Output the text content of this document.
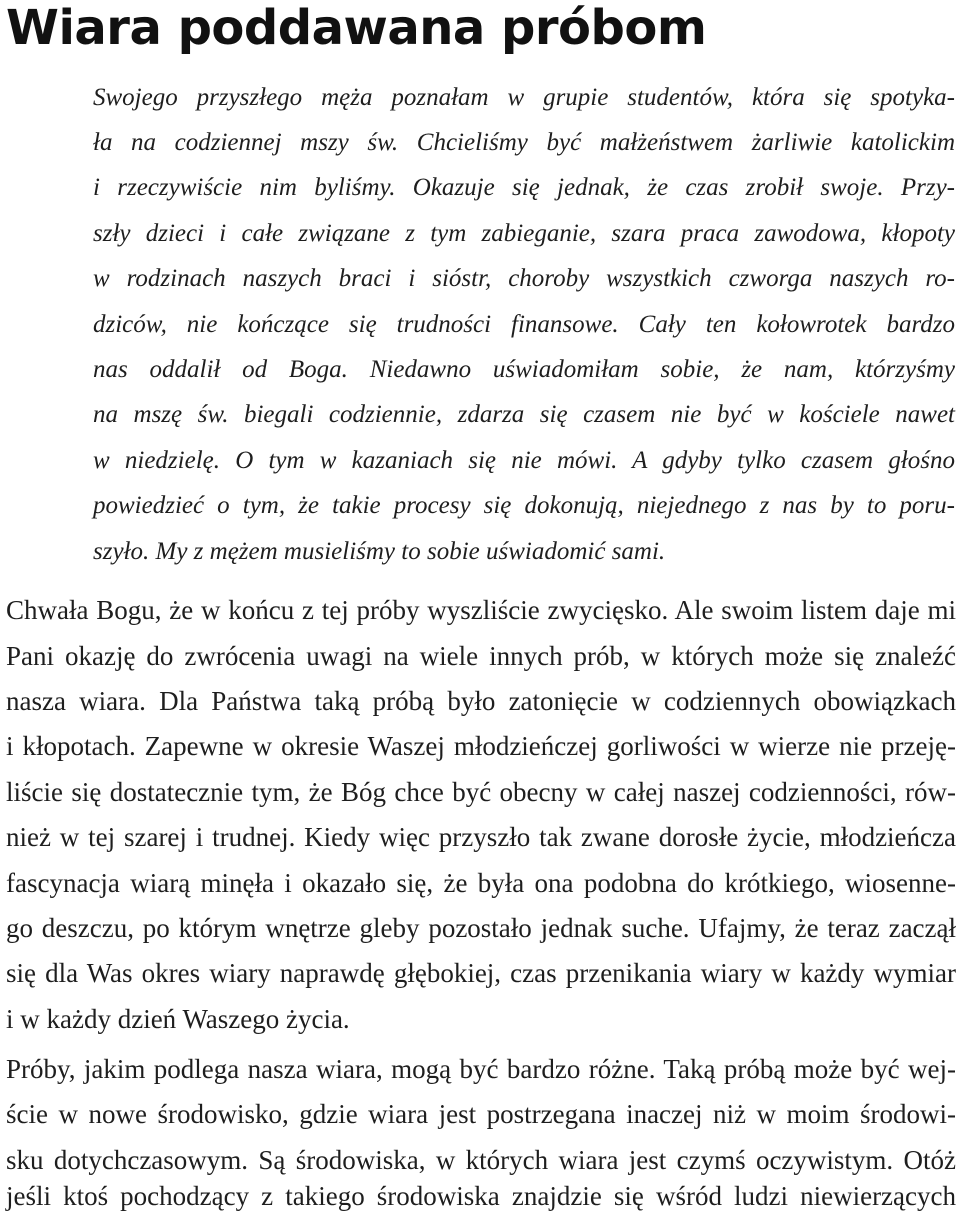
Wiara poddawana próbom

Swojego przyszłego męża poznałam w grupie studentów, która się spotyka-

ła na codziennej mszy św. Chcieliśmy być małżeństwem żarliwie katolickim

i rzeczywiście nim byliśmy. Okazuje się jednak, że czas zrobił swoje. Przy-

szły dzieci i całe związane z tym zabieganie, szara praca zawodowa, kłopoty

w rodzinach naszych braci i sióstr, choroby wszystkich czworga naszych ro-

dziców, nie kończące się trudności finansowe. Cały ten kołowrotek bardzo

nas oddalił od Boga. Niedawno uświadomiłam sobie, że nam, którzyśmy

na mszę św. biegali codziennie, zdarza się czasem nie być w kościele nawet

w niedzielę. O tym w kazaniach się nie mówi. A gdyby tylko czasem głośno

powiedzieć o tym, że takie procesy się dokonują, niejednego z nas by to poru-

szyło. My z mężem musieliśmy to sobie uświadomić sami.

Chwała Bogu, że w końcu z tej próby wyszliście zwycięsko. Ale swoim listem daje mi

Pani okazję do zwrócenia uwagi na wiele innych prób, w których może się znaleźć

nasza wiara. Dla Państwa taką próbą było zatonięcie w codziennych obowiązkach

i kłopotach. Zapewne w okresie Waszej młodzieńczej gorliwości w wierze nie przeję-

liście się dostatecznie tym, że Bóg chce być obecny w całej naszej codzienności, rów-

nież w tej szarej i trudnej. Kiedy więc przyszło tak zwane dorosłe życie, młodzieńcza

fascynacja wiarą minęła i okazało się, że była ona podobna do krótkiego, wiosenne-

go deszczu, po którym wnętrze gleby pozostało jednak suche. Ufajmy, że teraz zaczął

się dla Was okres wiary naprawdę głębokiej, czas przenikania wiary w każdy wymiar

i w każdy dzień Waszego życia.

Próby, jakim podlega nasza wiara, mogą być bardzo różne. Taką próbą może być wej-

ście w nowe środowisko, gdzie wiara jest postrzegana inaczej niż w moim środowi-

sku dotychczasowym. Są środowiska, w których wiara jest czymś oczywistym. Otóż

jeśli ktoś pochodzący z takiego środowiska znajdzie się wśród ludzi niewierzących
